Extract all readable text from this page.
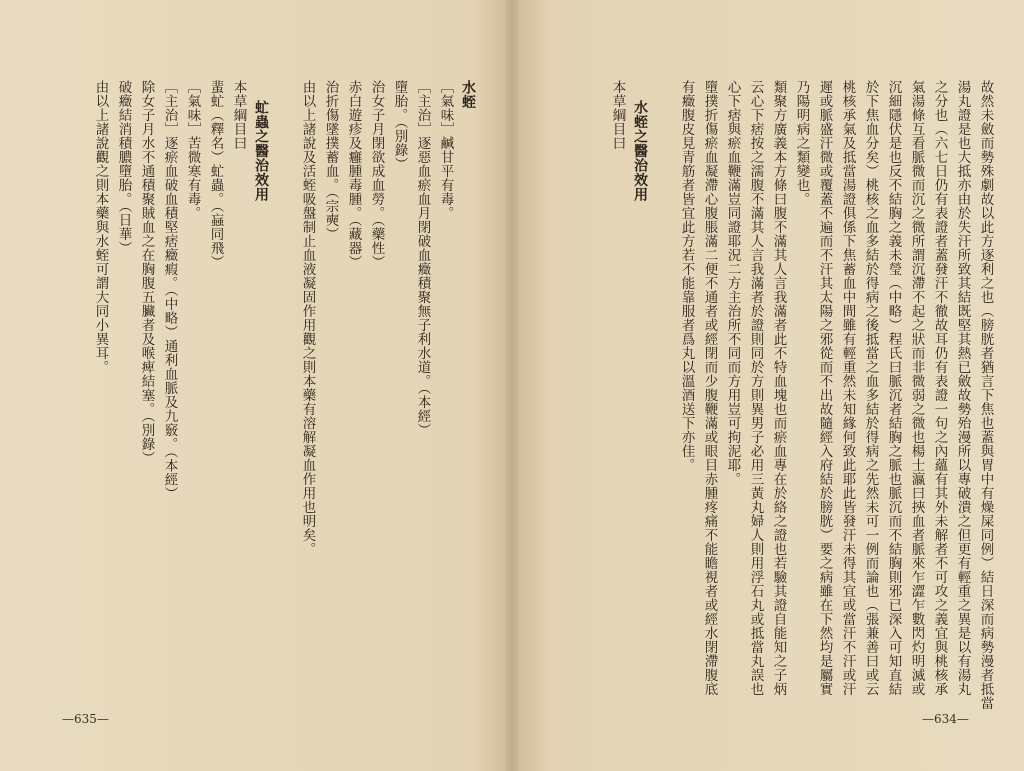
水蛭
［氣味］鹹甘平有毒。
［主治］逐惡血瘀血月閉破血癥積聚無子利水道。（本經）
墮胎。（別錄）
治女子月閉欲成血勞。（藥性）
赤白遊疹及癰腫毒腫。（藏器）
治折傷墜撲蓄血。（宗奭）
由以上諸說及活蛭吸盤制止血液凝固作用觀之則本藥有溶解凝血作用也明矣。
虻蟲之醫治效用
本草綱目曰
蜚虻（釋名）虻蟲。（蝱同飛）
［氣味］苦微寒有毒。
［主治］逐瘀血破血積堅痞癥瘕。（中略）通利血脈及九竅。（本經）
除女子月水不通積聚賊血之在胸腹五臟者及喉痺結塞。（別錄）
破癥結消積膿墮胎。（日華）
由以上諸說觀之則本藥與水蛭可謂大同小異耳。
—635—
故然未斂而勢殊劇故以此方逐利之也（膀胱者猶言下焦也蓋與胃中有燥屎同例）結日深而病勢漫者抵當
湯丸證是也大抵亦由於失汗所致其結既堅其熱已斂故勢殆漫所以專破潰之但更有輕重之異是以有湯丸
之分也（六七日仍有表證者蓋發汗不徹故耳仍有表證一句之內蘊有其外未解者不可攻之義宜與桃核承
氣湯條互看脈微而沉之微所謂沉滯不起之狀而非微弱之微也楊士瀛曰挾血者脈來乍澀乍數閃灼明滅或
沉細隱伏是也反不結胸之義未瑩（中略）程氏曰脈沉者結胸之脈也脈沉而不結胸則邪已深入可知直結
於下焦血分矣）桃核之血多結於得病之後抵當之血多結於得病之先然未可一例而論也（張兼善曰或云
桃核承氣及抵當湯證俱係下焦蓄血中間雖有輕重然未知緣何致此耶此皆發汗未得其宜或當汗不汗或汗
遲或脈盛汗微或覆蓋不遍而不汗其太陽之邪從而不出故隨經入府結於膀胱）要之病雖在下然均是屬實
乃陽明病之類變也。
類聚方廣義本方條曰腹不滿其人言我滿者此不特血塊也而瘀血專在於絡之證也若驗其證自能知之子炳
云心下痞按之濡腹不滿其人言我滿者於證則同於方則異男子必用三黃丸婦人則用浮石丸或抵當丸誤也
心下痞與瘀血鞭滿豈同證耶況二方主治所不同而方用豈可拘泥耶。
墮撲折傷瘀血凝滯心腹脹滿二便不通者或經閉而少腹鞭滿或眼目赤腫疼痛不能瞻視者或經水閉滯腹底
有癥腹皮見青筋者皆宜此方若不能靠服者爲丸以溫酒送下亦佳。
水蛭之醫治效用
本草綱目曰
—634—
